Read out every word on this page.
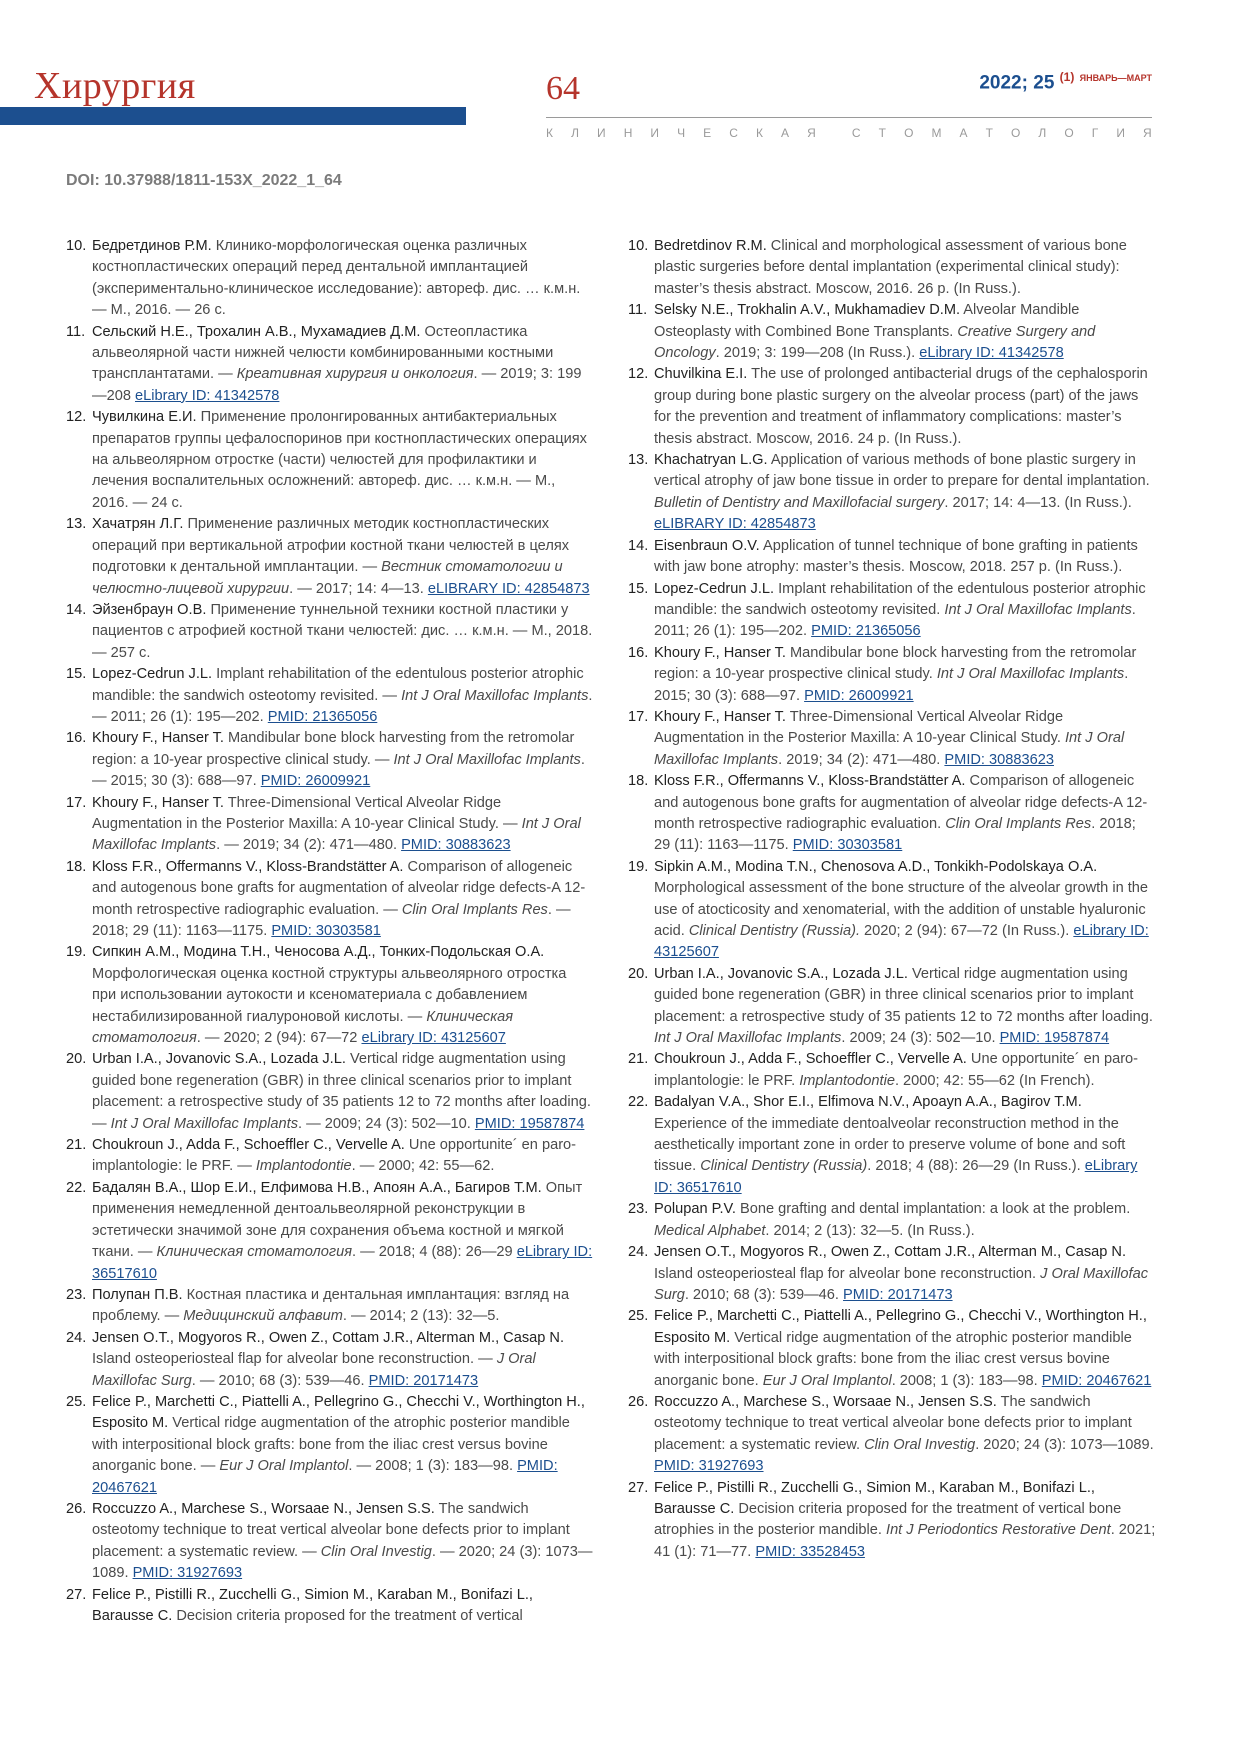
Хирургия	64	2022; 25 $^{(1)}$ $^{ЯНВАРЬ—МАРТ}$
К Л И Н И Ч Е С К А Я	С Т О М А Т О Л О Г И Я
DOI: 10.37988/1811-153X_2022_1_64

10. Бедретдинов Р.М. Клинико-морфологическая оценка различных костнопластических операций перед дентальной имплантацией (экспериментально-клиническое исследование): автореф. дис. … к.м.н. — М., 2016. — 26 с.

11. Сельский Н.Е., Трохалин А.В., Мухамадиев Д.М. Остеопластика альвеолярной части нижней челюсти комбинированными костными трансплантатами. — Креативная хирургия и онкология. — 2019; 3: 199—208 eLibrary ID: 41342578

12. Чувилкина Е.И. Применение пролонгированных антибактериальных препаратов группы цефалоспоринов при костнопластических операциях на альвеолярном отростке (части) челюстей для профилактики и лечения воспалительных осложнений: автореф. дис. … к.м.н. — М., 2016. — 24 с.

13. Хачатрян Л.Г. Применение различных методик костнопластических операций при вертикальной атрофии костной ткани челюстей в целях подготовки к дентальной имплантации. — Вестник стоматологии и челюстно-лицевой хирургии. — 2017; 14: 4—13. eLIBRARY ID: 42854873

14. Эйзенбраун О.В. Применение туннельной техники костной пластики у пациентов с атрофией костной ткани челюстей: дис. … к.м.н. — М., 2018. — 257 с.

15. Lopez-Cedrun J.L. Implant rehabilitation of the edentulous posterior atrophic mandible: the sandwich osteotomy revisited. — Int J Oral Maxillofac Implants. — 2011; 26 (1): 195—202. PMID: 21365056

16. Khoury F., Hanser T. Mandibular bone block harvesting from the retromolar region: a 10-year prospective clinical study. — Int J Oral Maxillofac Implants. — 2015; 30 (3): 688—97. PMID: 26009921

17. Khoury F., Hanser T. Three-Dimensional Vertical Alveolar Ridge Augmentation in the Posterior Maxilla: A 10-year Clinical Study. — Int J Oral Maxillofac Implants. — 2019; 34 (2): 471—480. PMID: 30883623

18. Kloss F.R., Offermanns V., Kloss-Brandstätter A. Comparison of allogeneic and autogenous bone grafts for augmentation of alveolar ridge defects-A 12-month retrospective radiographic evaluation. — Clin Oral Implants Res. — 2018; 29 (11): 1163—1175. PMID: 30303581

19. Сипкин А.М., Модина Т.Н., Ченосова А.Д., Тонких-Подольская О.А. Морфологическая оценка костной структуры альвеолярного отростка при использовании аутокости и ксеноматериала с добавлением нестабилизированной гиалуроновой кислоты. — Клиническая стоматология. — 2020; 2 (94): 67—72 eLibrary ID: 43125607

20. Urban I.A., Jovanovic S.A., Lozada J.L. Vertical ridge augmentation using guided bone regeneration (GBR) in three clinical scenarios prior to implant placement: a retrospective study of 35 patients 12 to 72 months after loading. — Int J Oral Maxillofac Implants. — 2009; 24 (3): 502—10. PMID: 19587874

21. Choukroun J., Adda F., Schoeffler C., Vervelle A. Une opportunite´ en paro-implantologie: le PRF. — Implantodontie. — 2000; 42: 55—62.

22. Бадалян В.А., Шор Е.И., Елфимова Н.В., Апоян А.А., Багиров Т.М. Опыт применения немедленной дентоальвеолярной реконструкции в эстетически значимой зоне для сохранения объема костной и мягкой ткани. — Клиническая стоматология. — 2018; 4 (88): 26—29 eLibrary ID: 36517610

23. Полупан П.В. Костная пластика и дентальная имплантация: взгляд на проблему. — Медицинский алфавит. — 2014; 2 (13): 32—5.

24. Jensen O.T., Mogyoros R., Owen Z., Cottam J.R., Alterman M., Casap N. Island osteoperiosteal flap for alveolar bone reconstruction. — J Oral Maxillofac Surg. — 2010; 68 (3): 539—46. PMID: 20171473

25. Felice P., Marchetti C., Piattelli A., Pellegrino G., Checchi V., Worthington H., Esposito M. Vertical ridge augmentation of the atrophic posterior mandible with interpositional block grafts: bone from the iliac crest versus bovine anorganic bone. — Eur J Oral Implantol. — 2008; 1 (3): 183—98. PMID: 20467621

26. Roccuzzo A., Marchese S., Worsaae N., Jensen S.S. The sandwich osteotomy technique to treat vertical alveolar bone defects prior to implant placement: a systematic review. — Clin Oral Investig. — 2020; 24 (3): 1073—1089. PMID: 31927693

27. Felice P., Pistilli R., Zucchelli G., Simion M., Karaban M., Bonifazi L., Barausse C. Decision criteria proposed for the treatment of vertical

10. Bedretdinov R.M. Clinical and morphological assessment of various bone plastic surgeries before dental implantation (experimental clinical study): master’s thesis abstract. Moscow, 2016. 26 p. (In Russ.).

11. Selsky N.E., Trokhalin A.V., Mukhamadiev D.M. Alveolar Mandible Osteoplasty with Combined Bone Transplants. Creative Surgery and Oncology. 2019; 3: 199—208 (In Russ.). eLibrary ID: 41342578

12. Chuvilkina E.I. The use of prolonged antibacterial drugs of the cephalosporin group during bone plastic surgery on the alveolar process (part) of the jaws for the prevention and treatment of inflammatory complications: master’s thesis abstract. Moscow, 2016. 24 p. (In Russ.).

13. Khachatryan L.G. Application of various methods of bone plastic surgery in vertical atrophy of jaw bone tissue in order to prepare for dental implantation. Bulletin of Dentistry and Maxillofacial surgery. 2017; 14: 4—13. (In Russ.). eLIBRARY ID: 42854873

14. Eisenbraun O.V. Application of tunnel technique of bone grafting in patients with jaw bone atrophy: master’s thesis. Moscow, 2018. 257 p. (In Russ.).

15. Lopez-Cedrun J.L. Implant rehabilitation of the edentulous posterior atrophic mandible: the sandwich osteotomy revisited. Int J Oral Maxillofac Implants. 2011; 26 (1): 195—202. PMID: 21365056

16. Khoury F., Hanser T. Mandibular bone block harvesting from the retromolar region: a 10-year prospective clinical study. Int J Oral Maxillofac Implants. 2015; 30 (3): 688—97. PMID: 26009921

17. Khoury F., Hanser T. Three-Dimensional Vertical Alveolar Ridge Augmentation in the Posterior Maxilla: A 10-year Clinical Study. Int J Oral Maxillofac Implants. 2019; 34 (2): 471—480. PMID: 30883623

18. Kloss F.R., Offermanns V., Kloss-Brandstätter A. Comparison of allogeneic and autogenous bone grafts for augmentation of alveolar ridge defects-A 12-month retrospective radiographic evaluation. Clin Oral Implants Res. 2018; 29 (11): 1163—1175. PMID: 30303581

19. Sipkin A.M., Modina T.N., Chenosova A.D., Tonkikh-Podolskaya O.A. Morphological assessment of the bone structure of the alveolar growth in the use of atocticosity and xenomaterial, with the addition of unstable hyaluronic acid. Clinical Dentistry (Russia). 2020; 2 (94): 67—72 (In Russ.). eLibrary ID: 43125607

20. Urban I.A., Jovanovic S.A., Lozada J.L. Vertical ridge augmentation using guided bone regeneration (GBR) in three clinical scenarios prior to implant placement: a retrospective study of 35 patients 12 to 72 months after loading. Int J Oral Maxillofac Implants. 2009; 24 (3): 502—10. PMID: 19587874

21. Choukroun J., Adda F., Schoeffler C., Vervelle A. Une opportunite´ en paro-implantologie: le PRF. Implantodontie. 2000; 42: 55—62 (In French).

22. Badalyan V.A., Shor E.I., Elfimova N.V., Apoayn A.A., Bagirov T.M. Experience of the immediate dentoalveolar reconstruction method in the aesthetically important zone in order to preserve volume of bone and soft tissue. Clinical Dentistry (Russia). 2018; 4 (88): 26—29 (In Russ.). eLibrary ID: 36517610

23. Polupan P.V. Bone grafting and dental implantation: a look at the problem. Medical Alphabet. 2014; 2 (13): 32—5. (In Russ.).

24. Jensen O.T., Mogyoros R., Owen Z., Cottam J.R., Alterman M., Casap N. Island osteoperiosteal flap for alveolar bone reconstruction. J Oral Maxillofac Surg. 2010; 68 (3): 539—46. PMID: 20171473

25. Felice P., Marchetti C., Piattelli A., Pellegrino G., Checchi V., Worthington H., Esposito M. Vertical ridge augmentation of the atrophic posterior mandible with interpositional block grafts: bone from the iliac crest versus bovine anorganic bone. Eur J Oral Implantol. 2008; 1 (3): 183—98. PMID: 20467621

26. Roccuzzo A., Marchese S., Worsaae N., Jensen S.S. The sandwich osteotomy technique to treat vertical alveolar bone defects prior to implant placement: a systematic review. Clin Oral Investig. 2020; 24 (3): 1073—1089. PMID: 31927693

27. Felice P., Pistilli R., Zucchelli G., Simion M., Karaban M., Bonifazi L., Barausse C. Decision criteria proposed for the treatment of vertical bone atrophies in the posterior mandible. Int J Periodontics Restorative Dent. 2021; 41 (1): 71—77. PMID: 33528453
